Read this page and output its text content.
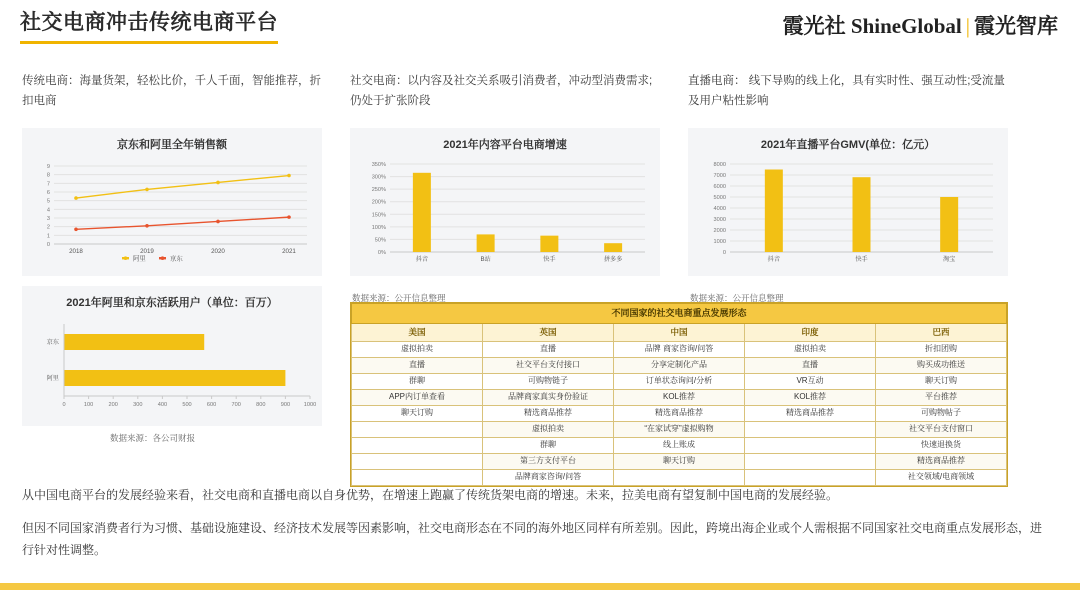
社交电商冲击传统电商平台	霞光社 ShineGlobal | 霞光智库
传统电商：海量货架，轻松比价，千人千面，智能推荐，折扣电商
社交电商：以内容及社交关系吸引消费者，冲动型消费需求;仍处于扩张阶段
直播电商： 线下导购的线上化，具有实时性、强互动性;受流量及用户粘性影响
京东和阿里全年销售额
0
1
2
3
4
5
6
7
8
9
2018	2019	2020	2021
阿里	京东
2021年内容平台电商增速
0%
50%
100%
150%
200%
250%
300%
350%
抖音	B站	快手	拼多多
数据来源：公开信息整理
2021年直播平台GMV(单位：亿元）
0
1000
2000
3000
4000
5000
6000
7000
8000
抖音	快手	淘宝
数据来源：公开信息整理
2021年阿里和京东活跃用户（单位：百万）
京东
阿里
0	100	200	300	400	500	600	700	800	900 1000
数据来源：各公司财报
不同国家的社交电商重点发展形态				
美国	英国	中国	印度	巴西
虚拟拍卖	直播	品牌 商家咨询/问答	虚拟拍卖	折扣团购
直播	社交平台支付接口	分享定制化产品	直播	购买成功推送
群聊	可购物链子	订单状态询问/分析	VR互动	聊天订购
APP内订单查看	品牌商家真实身份验证	KOL推荐	KOL推荐	平台推荐
聊天订购	精选商品推荐	精选商品推荐	精选商品推荐	可购物帖子
	虚拟拍卖	“在家试穿”虚拟购物		社交平台支付窗口
	群聊	线上账成		快速退换货
	第三方支付平台	聊天订购		精选商品推荐
	品牌商家咨询/问答			社交领域/电商领域
从中国电商平台的发展经验来看，社交电商和直播电商以自身优势，在增速上跑赢了传统货架电商的增速。未来，拉美电商有望复制中国电商的发展经验。
但因不同国家消费者行为习惯、基础设施建设、经济技术发展等因素影响，社交电商形态在不同的海外地区同样有所差别。因此，跨境出海企业或个人需根据不同国家社交电商重点发展形态，进行针对性调整。
